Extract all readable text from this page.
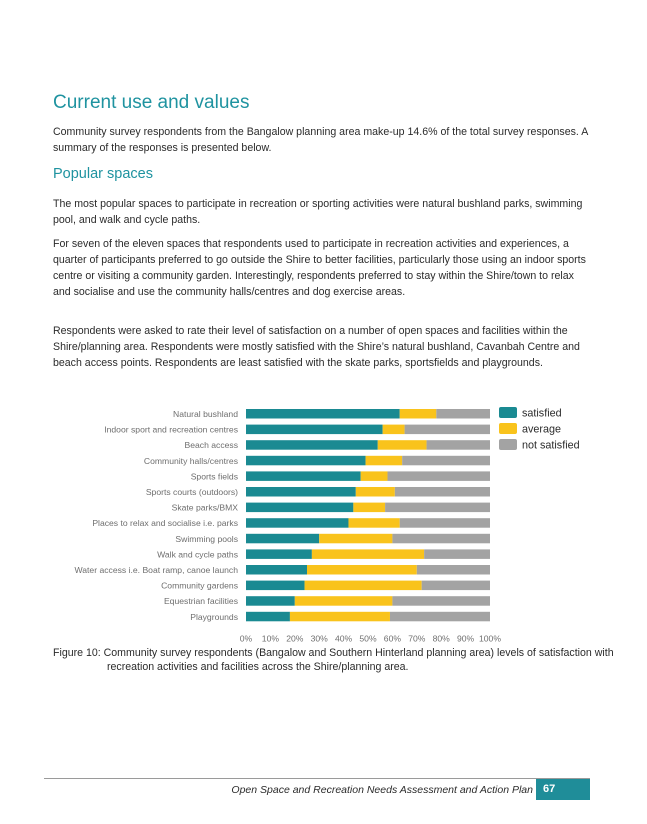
Current use and values

Community survey respondents from the Bangalow planning area make-up 14.6% of the total survey responses. A summary of the responses is presented below.

Popular spaces

The most popular spaces to participate in recreation or sporting activities were natural bushland parks, swimming pool, and walk and cycle paths.

For seven of the eleven spaces that respondents used to participate in recreation activities and experiences, a quarter of participants preferred to go outside the Shire to better facilities, particularly those using an indoor sports centre or visiting a community garden. Interestingly, respondents preferred to stay within the Shire/town to relax and socialise and use the community halls/centres and dog exercise areas.

Respondents were asked to rate their level of satisfaction on a number of open spaces and facilities within the Shire/planning area. Respondents were mostly satisfied with the Shire’s natural bushland, Cavanbah Centre and beach access points. Respondents are least satisfied with the skate parks, sportsfields and playgrounds.

Natural bushland
Indoor sport and recreation centres
Beach access
Community halls/centres
Sports fields
Sports courts (outdoors)
Skate parks/BMX
Places to relax and socialise i.e. parks
Swimming pools
Walk and cycle paths
Water access i.e. Boat ramp, canoe launch
Community gardens
Equestrian facilities
Playgrounds
0% 10% 20% 30% 40% 50% 60% 70% 80% 90% 100%
satisfied
average
not satisfied

Figure 10: Community survey respondents (Bangalow and Southern Hinterland planning area) levels of satisfaction with recreation activities and facilities across the Shire/planning area.

Open Space and Recreation Needs Assessment and Action Plan 67
